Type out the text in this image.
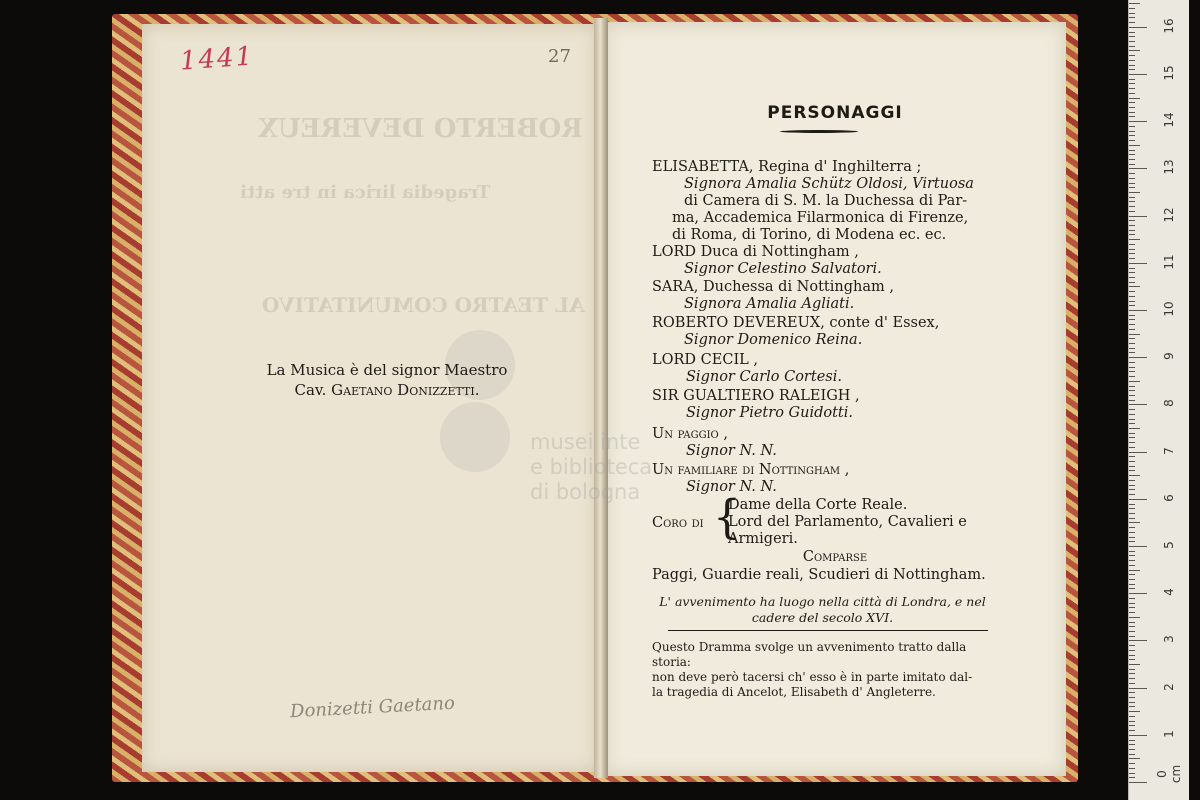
ROBERTO DEVEREUX
Tragedia lirica in tre atti
AL TEATRO COMUNITATIVO
musei inte
e biblioteca
di bologna
1441	27
La Musica è del signor Maestro
Cav. Gaetano Donizzetti.
Donizetti Gaetano
PERSONAGGI
ELISABETTA, Regina d' Inghilterra ;
Signora Amalia Schütz Oldosi, Virtuosa
di Camera di S. M. la Duchessa di Par-
ma, Accademica Filarmonica di Firenze,
di Roma, di Torino, di Modena ec. ec.
LORD Duca di Nottingham ,
Signor Celestino Salvatori.
SARA, Duchessa di Nottingham ,
Signora Amalia Agliati.
ROBERTO DEVEREUX, conte d' Essex,
Signor Domenico Reina.
LORD CECIL ,
Signor Carlo Cortesi.
SIR GUALTIERO RALEIGH ,
Signor Pietro Guidotti.
Un paggio ,
Signor N. N.
Un familiare di Nottingham ,
Signor N. N.
Coro di {
Dame della Corte Reale.
Lord del Parlamento, Cavalieri e
Armigeri.
Comparse
Paggi, Guardie reali, Scudieri di Nottingham.
L' avvenimento ha luogo nella città di Londra, e nel
cadere del secolo XVI.
Questo Dramma svolge un avvenimento tratto dalla storia:
non deve però tacersi ch' esso è in parte imitato dal-
la tragedia di Ancelot, Elisabeth d' Angleterre.
0 cm
1
2
3
4
5
6
7
8
9
10
11
12
13
14
15
16
